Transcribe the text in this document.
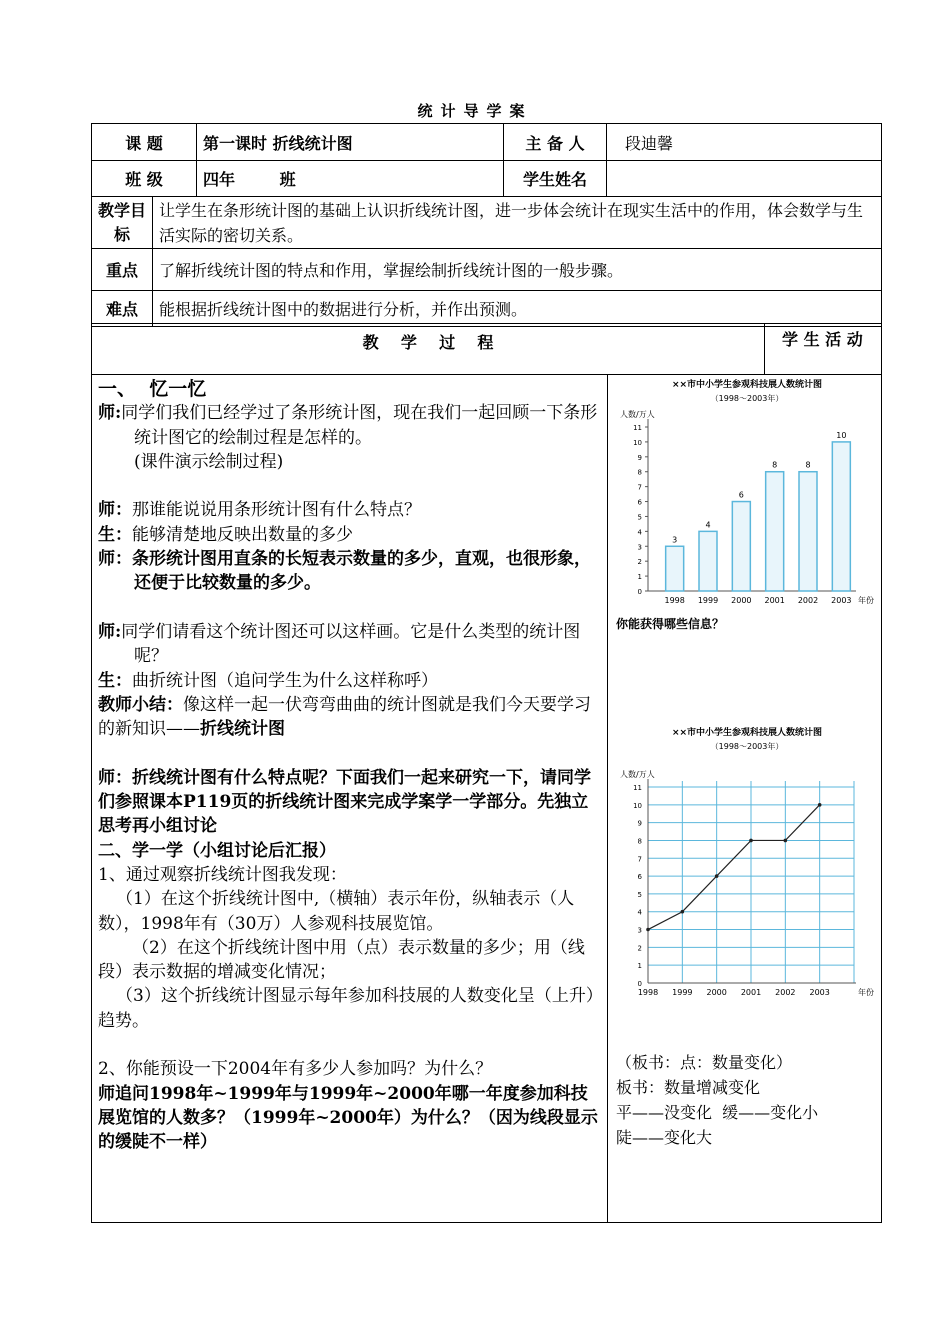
统计导学案
课 题	第一课时 折线统计图	主 备 人	段迪馨
班 级	四年        班	学生姓名	
教学目标	让学生在条形统计图的基础上认识折线统计图，进一步体会统计在现实生活中的作用，体会数学与生活实际的密切关系。
重点	了解折线统计图的特点和作用，掌握绘制折线统计图的一般步骤。
难点	能根据折线统计图中的数据进行分析，并作出预测。
教    学    过    程	学 生 活 动

一、  忆一忆

师:同学们我们已经学过了条形统计图，现在我们一起回顾一下条形统计图它的绘制过程是怎样的。

(课件演示绘制过程)

师：那谁能说说用条形统计图有什么特点？

生：能够清楚地反映出数量的多少

师：条形统计图用直条的长短表示数量的多少，直观，也很形象，还便于比较数量的多少。

师:同学们请看这个统计图还可以这样画。它是什么类型的统计图呢？

生：曲折统计图（追问学生为什么这样称呼）

教师小结：像这样一起一伏弯弯曲曲的统计图就是我们今天要学习的新知识——折线统计图

师：折线统计图有什么特点呢？下面我们一起来研究一下，请同学们参照课本P119页的折线统计图来完成学案学一学部分。先独立思考再小组讨论

二、学一学（小组讨论后汇报）

1、通过观察折线统计图我发现：

（1）在这个折线统计图中,（横轴）表示年份，纵轴表示（人数），1998年有（30万）人参观科技展览馆。

（2）在这个折线统计图中用（点）表示数量的多少；用（线段）表示数据的增减变化情况；

（3）这个折线统计图显示每年参加科技展的人数变化呈（上升）趋势。

2、你能预设一下2004年有多少人参加吗？为什么？

师追问1998年~1999年与1999年~2000年哪一年度参加科技展览馆的人数多？（1999年~2000年）为什么？（因为线段显示的缓陡不一样）

××市中小学生参观科技展人数统计图
（1998～2003年）
人数/万人
年份
0
1
2
3
4
5
6
7
8
9
10
11
1998
3
1999
4
2000
6
2001
8
2002
8
2003
10
你能获得哪些信息？
××市中小学生参观科技展人数统计图
（1998～2003年）
人数/万人
年份
0
1
2
3
4
5
6
7
8
9
10
11
1998 1999 2000 2001 2002 2003
（板书：点：数量变化）
板书：数量增减变化
平——没变化  缓——变化小
陡——变化大
